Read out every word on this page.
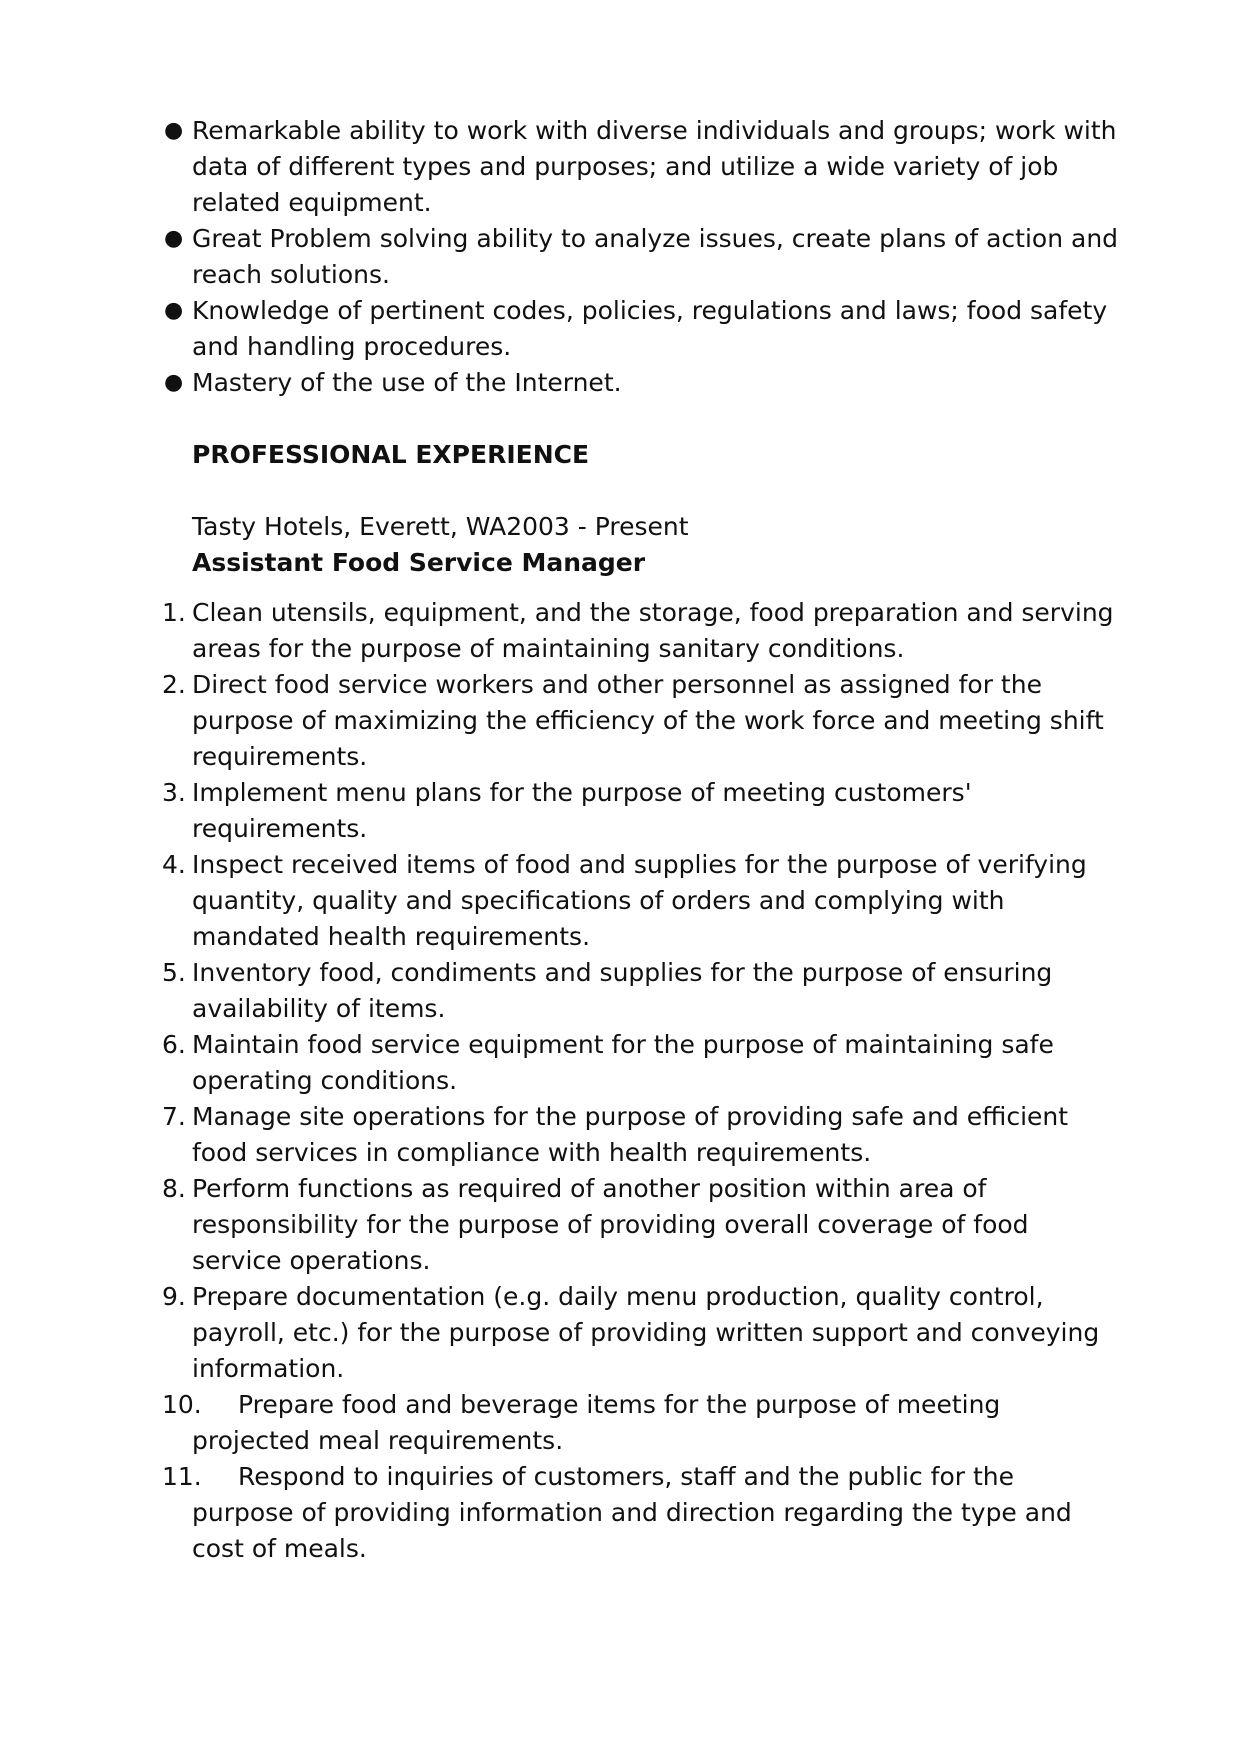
● Remarkable ability to work with diverse individuals and groups; work with data of different types and purposes; and utilize a wide variety of job related equipment.
● Great Problem solving ability to analyze issues, create plans of action and reach solutions.
● Knowledge of pertinent codes, policies, regulations and laws; food safety and handling procedures.
● Mastery of the use of the Internet.
PROFESSIONAL EXPERIENCE
Tasty Hotels, Everett, WA2003 - Present
Assistant Food Service Manager
1. Clean utensils, equipment, and the storage, food preparation and serving areas for the purpose of maintaining sanitary conditions.
2. Direct food service workers and other personnel as assigned for the purpose of maximizing the efficiency of the work force and meeting shift requirements.
3. Implement menu plans for the purpose of meeting customers' requirements.
4. Inspect received items of food and supplies for the purpose of verifying quantity, quality and specifications of orders and complying with mandated health requirements.
5. Inventory food, condiments and supplies for the purpose of ensuring availability of items.
6. Maintain food service equipment for the purpose of maintaining safe operating conditions.
7. Manage site operations for the purpose of providing safe and efficient food services in compliance with health requirements.
8. Perform functions as required of another position within area of responsibility for the purpose of providing overall coverage of food service operations.
9. Prepare documentation (e.g. daily menu production, quality control, payroll, etc.) for the purpose of providing written support and conveying information.
10. Prepare food and beverage items for the purpose of meeting projected meal requirements.
11. Respond to inquiries of customers, staff and the public for the purpose of providing information and direction regarding the type and cost of meals.
